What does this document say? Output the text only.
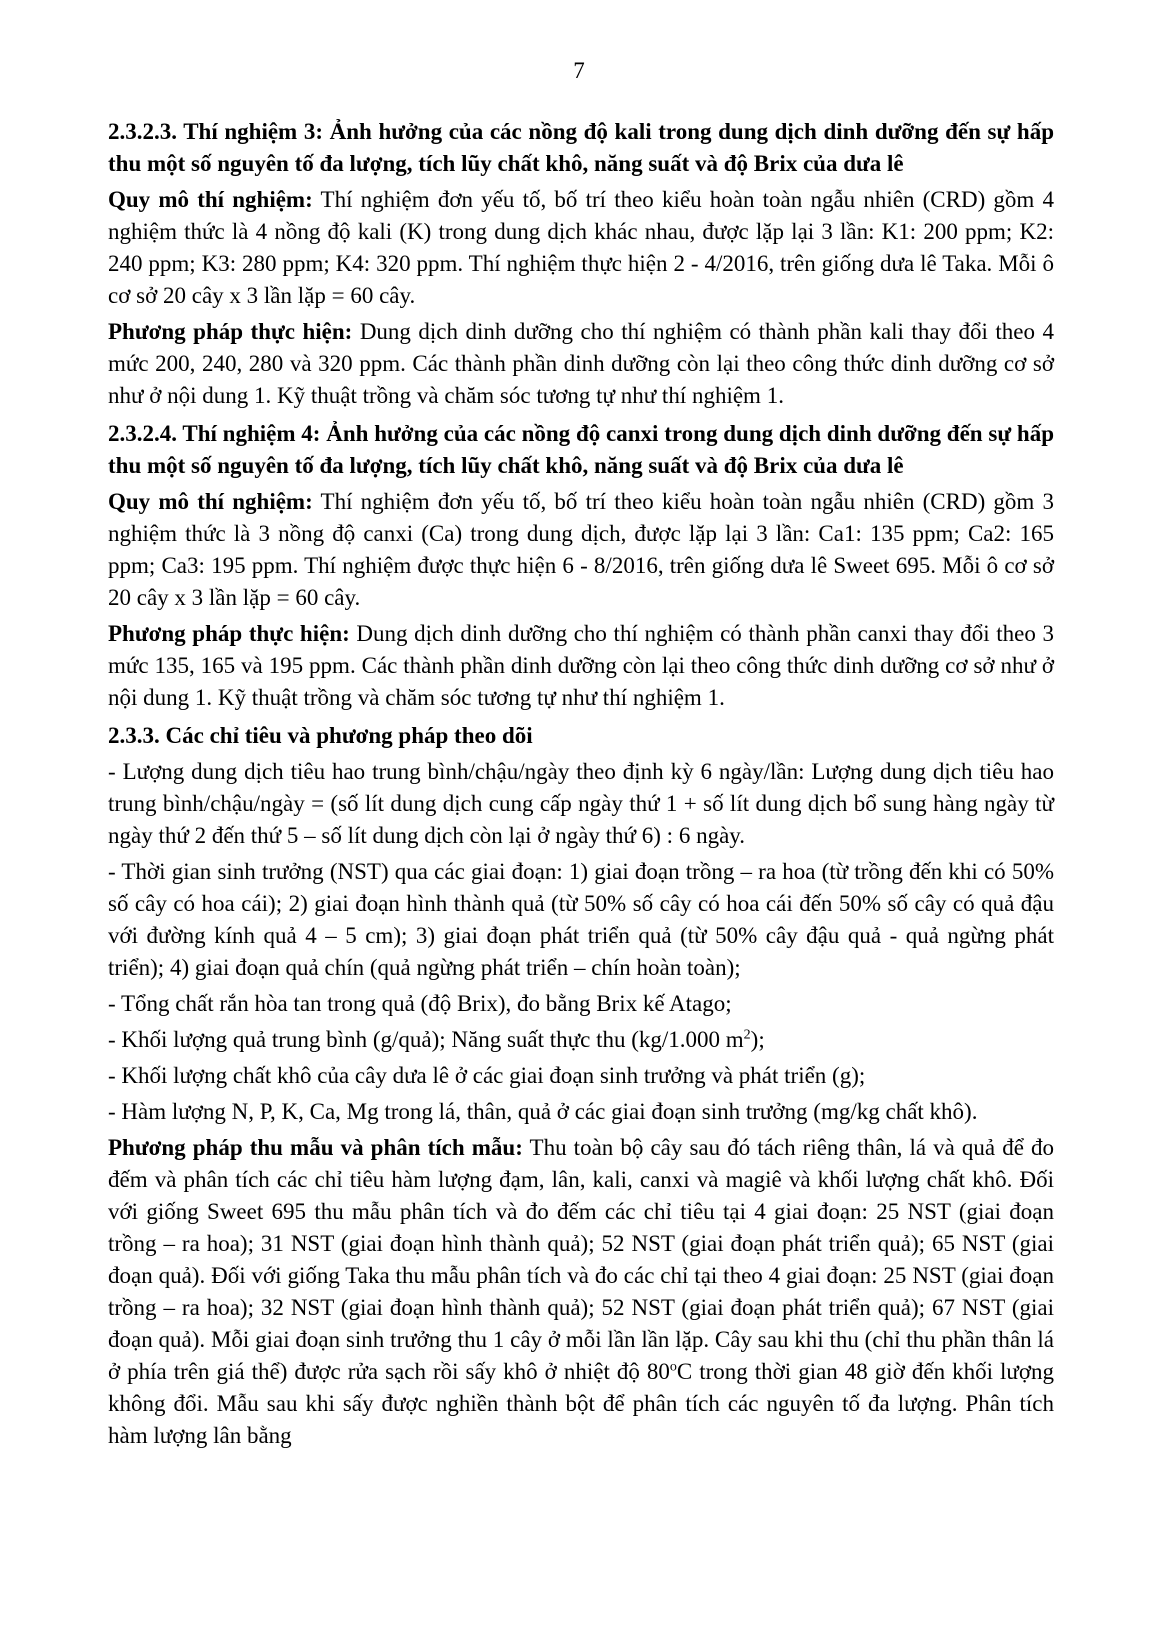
7

2.3.2.3. Thí nghiệm 3: Ảnh hưởng của các nồng độ kali trong dung dịch dinh dưỡng đến sự hấp thu một số nguyên tố đa lượng, tích lũy chất khô, năng suất và độ Brix của dưa lê

Quy mô thí nghiệm: Thí nghiệm đơn yếu tố, bố trí theo kiểu hoàn toàn ngẫu nhiên (CRD) gồm 4 nghiệm thức là 4 nồng độ kali (K) trong dung dịch khác nhau, được lặp lại 3 lần: K1: 200 ppm; K2: 240 ppm; K3: 280 ppm; K4: 320 ppm. Thí nghiệm thực hiện 2 - 4/2016, trên giống dưa lê Taka. Mỗi ô cơ sở 20 cây x 3 lần lặp = 60 cây.

Phương pháp thực hiện: Dung dịch dinh dưỡng cho thí nghiệm có thành phần kali thay đổi theo 4 mức 200, 240, 280 và 320 ppm. Các thành phần dinh dưỡng còn lại theo công thức dinh dưỡng cơ sở như ở nội dung 1. Kỹ thuật trồng và chăm sóc tương tự như thí nghiệm 1.

2.3.2.4. Thí nghiệm 4: Ảnh hưởng của các nồng độ canxi trong dung dịch dinh dưỡng đến sự hấp thu một số nguyên tố đa lượng, tích lũy chất khô, năng suất và độ Brix của dưa lê

Quy mô thí nghiệm: Thí nghiệm đơn yếu tố, bố trí theo kiểu hoàn toàn ngẫu nhiên (CRD) gồm 3 nghiệm thức là 3 nồng độ canxi (Ca) trong dung dịch, được lặp lại 3 lần: Ca1: 135 ppm; Ca2: 165 ppm; Ca3: 195 ppm. Thí nghiệm được thực hiện 6 - 8/2016, trên giống dưa lê Sweet 695. Mỗi ô cơ sở 20 cây x 3 lần lặp = 60 cây.

Phương pháp thực hiện: Dung dịch dinh dưỡng cho thí nghiệm có thành phần canxi thay đổi theo 3 mức 135, 165 và 195 ppm. Các thành phần dinh dưỡng còn lại theo công thức dinh dưỡng cơ sở như ở nội dung 1. Kỹ thuật trồng và chăm sóc tương tự như thí nghiệm 1.

2.3.3. Các chỉ tiêu và phương pháp theo dõi

- Lượng dung dịch tiêu hao trung bình/chậu/ngày theo định kỳ 6 ngày/lần: Lượng dung dịch tiêu hao trung bình/chậu/ngày = (số lít dung dịch cung cấp ngày thứ 1 + số lít dung dịch bổ sung hàng ngày từ ngày thứ 2 đến thứ 5 – số lít dung dịch còn lại ở ngày thứ 6) : 6 ngày.

- Thời gian sinh trưởng (NST) qua các giai đoạn: 1) giai đoạn trồng – ra hoa (từ trồng đến khi có 50% số cây có hoa cái); 2) giai đoạn hình thành quả (từ 50% số cây có hoa cái đến 50% số cây có quả đậu với đường kính quả 4 – 5 cm); 3) giai đoạn phát triển quả (từ 50% cây đậu quả - quả ngừng phát triển); 4) giai đoạn quả chín (quả ngừng phát triển – chín hoàn toàn);

- Tổng chất rắn hòa tan trong quả (độ Brix), đo bằng Brix kế Atago;

- Khối lượng quả trung bình (g/quả); Năng suất thực thu (kg/1.000 $m^2$);

- Khối lượng chất khô của cây dưa lê ở các giai đoạn sinh trưởng và phát triển (g);

- Hàm lượng N, P, K, Ca, Mg trong lá, thân, quả ở các giai đoạn sinh trưởng (mg/kg chất khô).

Phương pháp thu mẫu và phân tích mẫu: Thu toàn bộ cây sau đó tách riêng thân, lá và quả để đo đếm và phân tích các chỉ tiêu hàm lượng đạm, lân, kali, canxi và magiê và khối lượng chất khô. Đối với giống Sweet 695 thu mẫu phân tích và đo đếm các chỉ tiêu tại 4 giai đoạn: 25 NST (giai đoạn trồng – ra hoa); 31 NST (giai đoạn hình thành quả); 52 NST (giai đoạn phát triển quả); 65 NST (giai đoạn quả). Đối với giống Taka thu mẫu phân tích và đo các chỉ tại theo 4 giai đoạn: 25 NST (giai đoạn trồng – ra hoa); 32 NST (giai đoạn hình thành quả); 52 NST (giai đoạn phát triển quả); 67 NST (giai đoạn quả). Mỗi giai đoạn sinh trưởng thu 1 cây ở mỗi lần lần lặp. Cây sau khi thu (chỉ thu phần thân lá ở phía trên giá thể) được rửa sạch rồi sấy khô ở nhiệt độ 80$^o$C trong thời gian 48 giờ đến khối lượng không đổi. Mẫu sau khi sấy được nghiền thành bột để phân tích các nguyên tố đa lượng. Phân tích hàm lượng lân bằng
